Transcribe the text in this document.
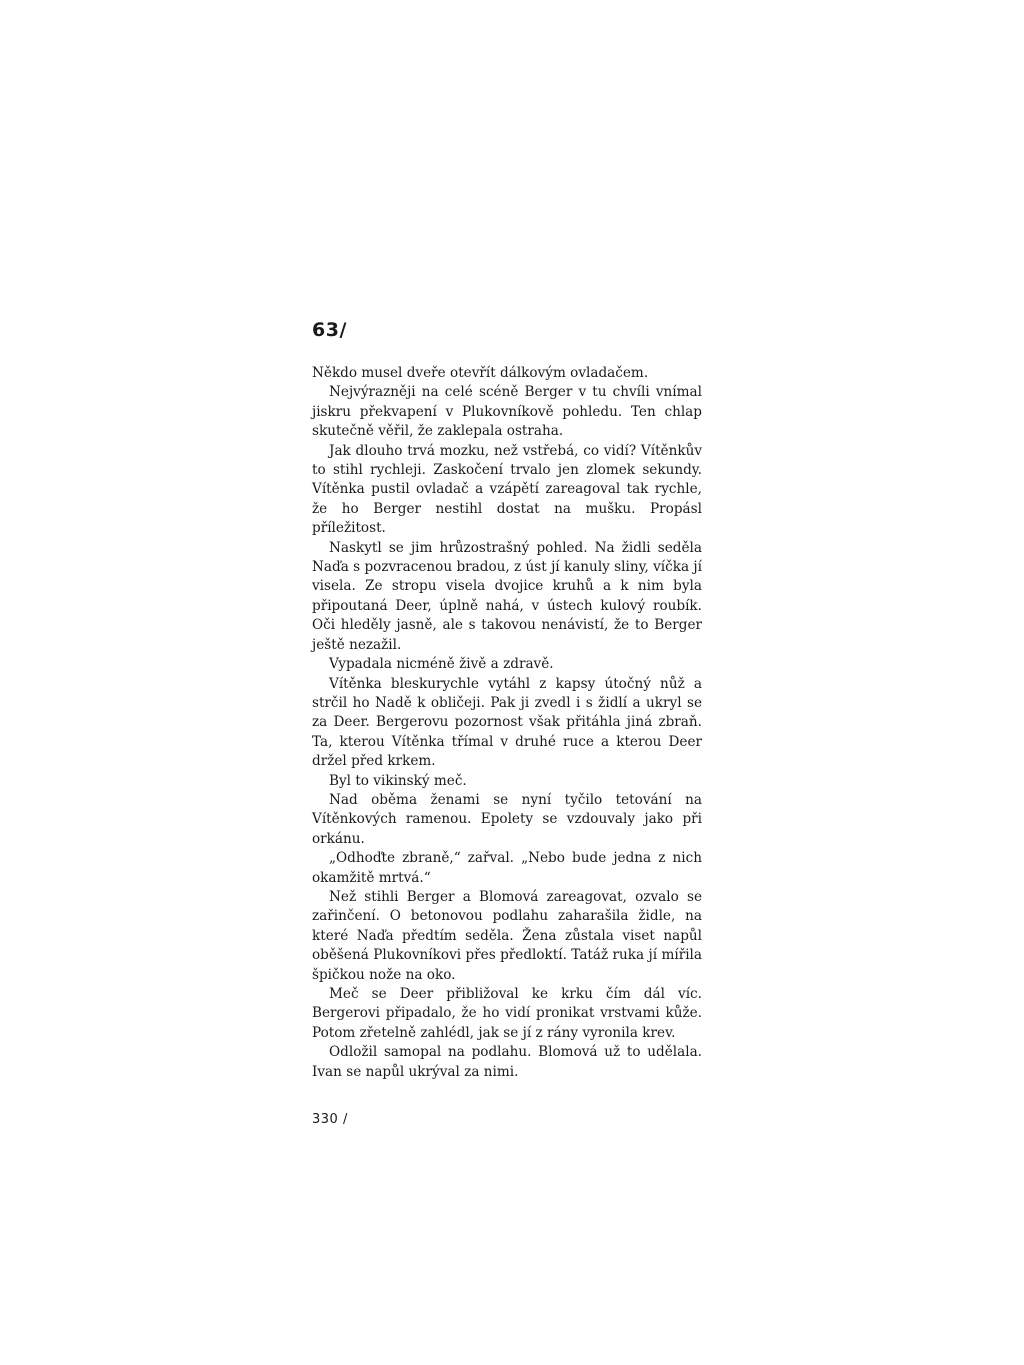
63/

Někdo musel dveře otevřít dálkovým ovladačem.

Nejvýrazněji na celé scéně Berger v tu chvíli vnímal jiskru překvapení v Plukovníkově pohledu. Ten chlap skutečně věřil, že zaklepala ostraha.

Jak dlouho trvá mozku, než vstřebá, co vidí? Vítěnkův to stihl rychleji. Zaskočení trvalo jen zlomek sekundy. Vítěnka pustil ovladač a vzápětí zareagoval tak rychle, že ho Berger nestihl dostat na mušku. Propásl příležitost.

Naskytl se jim hrůzostrašný pohled. Na židli seděla Naďa s pozvracenou bradou, z úst jí kanuly sliny, víčka jí visela. Ze stropu visela dvojice kruhů a k nim byla připoutaná Deer, úplně nahá, v ústech kulový roubík. Oči hleděly jasně, ale s takovou nenávistí, že to Berger ještě nezažil.

Vypadala nicméně živě a zdravě.

Vítěnka bleskurychle vytáhl z kapsy útočný nůž a strčil ho Nadě k obličeji. Pak ji zvedl i s židlí a ukryl se za Deer. Bergerovu pozornost však přitáhla jiná zbraň. Ta, kterou Vítěnka třímal v druhé ruce a kterou Deer držel před krkem.

Byl to vikinský meč.

Nad oběma ženami se nyní tyčilo tetování na Vítěnkových ramenou. Epolety se vzdouvaly jako při orkánu.

„Odhoďte zbraně,“ zařval. „Nebo bude jedna z nich okamžitě mrtvá.“

Než stihli Berger a Blomová zareagovat, ozvalo se zařinčení. O betonovou podlahu zaharašila židle, na které Naďa předtím seděla. Žena zůstala viset napůl oběšená Plukovníkovi přes předloktí. Tatáž ruka jí mířila špičkou nože na oko.

Meč se Deer přibližoval ke krku čím dál víc. Bergerovi připadalo, že ho vidí pronikat vrstvami kůže. Potom zřetelně zahlédl, jak se jí z rány vyronila krev.

Odložil samopal na podlahu. Blomová už to udělala. Ivan se napůl ukrýval za nimi.

330 /
